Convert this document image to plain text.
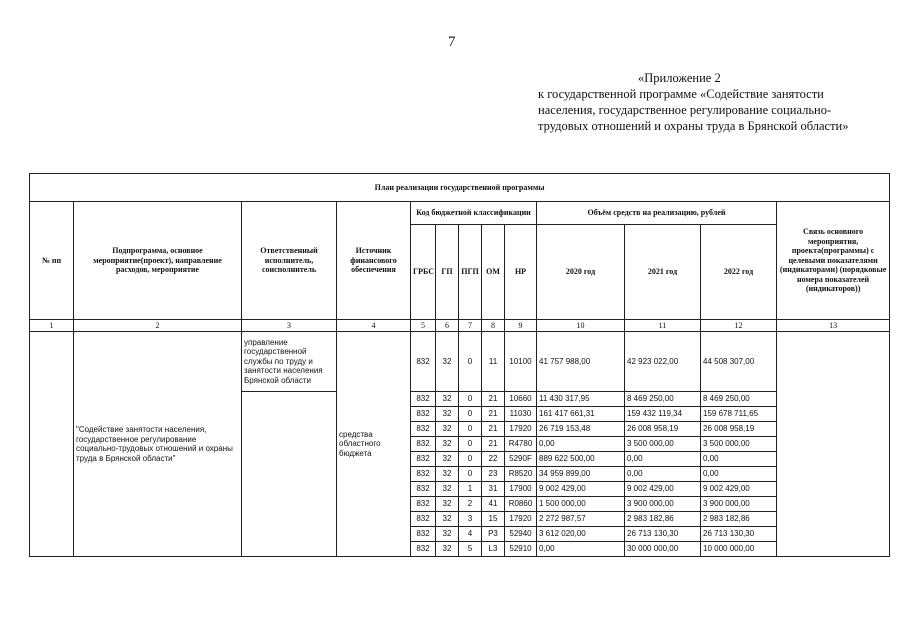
7
«Приложение 2
к государственной программе «Содействие занятости
населения, государственное регулирование социально-
трудовых отношений и охраны труда в Брянской области»
План реализации государственной программы												
№ пп	Подпрограмма, основное мероприятие(проект), направление расходов, мероприятие	Ответственный исполнитель, соисполнитель	Источник финансового обеспечения	Код бюджетной классификации					Объём средств на реализацию, рублей			Связь основного мероприятия, проекта(программы) с целевыми показателями (индикаторами) (порядковые номера показателей (индикаторов))
				ГРБС	ГП	ПГП	ОМ	НР	2020 год	2021 год	2022 год	
1	2	3	4	5	6	7	8	9	10	11	12	13
	"Содействие занятости населения, государственное регулирование социально-трудовых отношений и охраны труда в Брянской области"	управление государственной службы по труду и занятости населения Брянской области	средства областного бюджета	832	32	0	11	10100	41 757 988,00	42 923 022,00	44 508 307,00	
				832	32	0	21	10660	11 430 317,95	8 469 250,00	8 469 250,00	
				832	32	0	21	11030	161 417 661,31	159 432 119,34	159 678 711,65	
				832	32	0	21	17920	26 719 153,48	26 008 958,19	26 008 958,19	
				832	32	0	21	R4780	0,00	3 500 000,00	3 500 000,00	
				832	32	0	22	5290F	889 622 500,00	0,00	0,00	
				832	32	0	23	R8520	34 959 899,00	0,00	0,00	
				832	32	1	31	17900	9 002 429,00	9 002 429,00	9 002 429,00	
				832	32	2	41	R0860	1 500 000,00	3 900 000,00	3 900 000,00	
				832	32	3	15	17920	2 272 987,57	2 983 182,86	2 983 182,86	
				832	32	4	P3	52940	3 612 020,00	26 713 130,30	26 713 130,30	
				832	32	5	L3	52910	0,00	30 000 000,00	10 000 000,00	
